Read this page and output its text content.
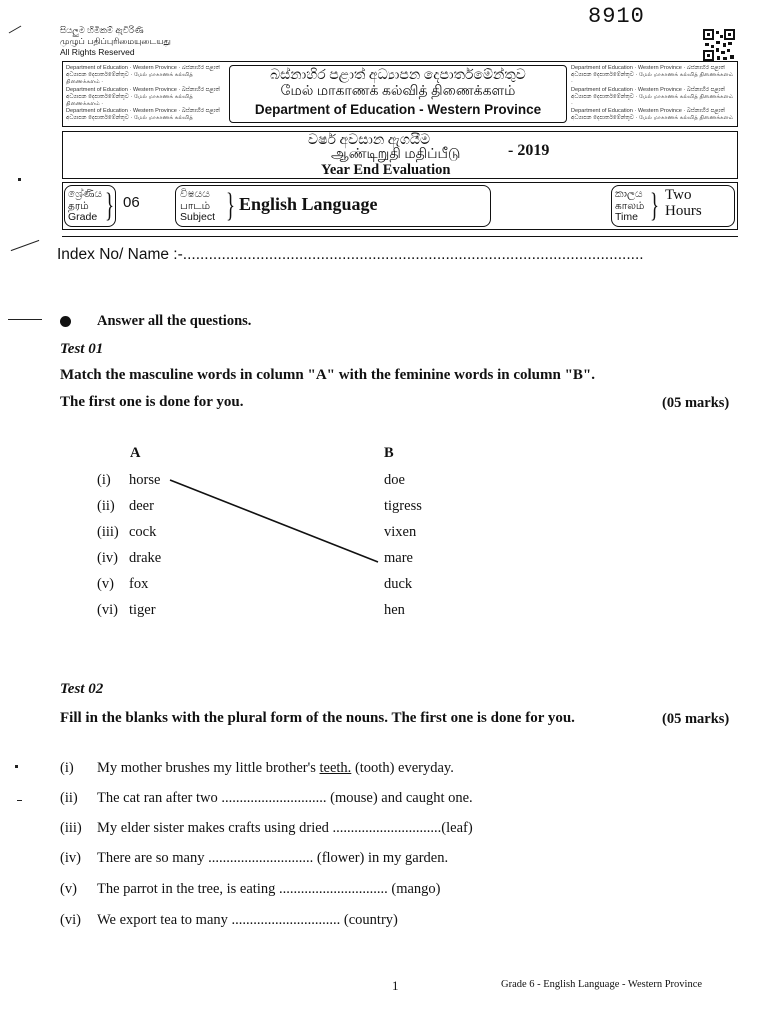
8910
සියලුම හිමිකම් ඇවිරිණි
முழுப் பதிப்புரிமையுடையது
All Rights Reserved
Department of Education · Western Province · බස්නාහිර පළාත් අධ්‍යාපන දෙපාර්තමේන්තුව · மேல் மாகாணக் கல்வித் திணைக்களம் ·
Department of Education · Western Province · බස්නාහිර පළාත් අධ්‍යාපන දෙපාර්තමේන්තුව · மேல் மாகாணக் கல்வித் திணைக்களம் ·
Department of Education · Western Province · බස්නාහිර පළාත් අධ්‍යාපන දෙපාර්තමේන්තුව · மேல் மாகாணக் கல்வித்
බස්නාහිර පළාත් අධ්‍යාපන දෙපාර්තමේන්තුව
மேல் மாகாணக் கல்வித் திணைக்களம்
Department of Education - Western Province
Department of Education · Western Province · බස්නාහිර පළාත් අධ්‍යාපන දෙපාර්තමේන්තුව · மேல் மாகாணக் கல்வித் திணைக்களம் ·
Department of Education · Western Province · බස්නාහිර පළාත් අධ්‍යාපන දෙපාර්තමේන්තුව · மேல் மாகாணக் கல்வித் திணைக்களம் ·
Department of Education · Western Province · බස්නාහිර පළාත් අධ්‍යාපන දෙපාර්තමේන්තුව · மேல் மாகாணக் கல்வித் திணைக்களம்
වර්ෂ අවසාන ඇගයීම
ஆண்டிறுதி மதிப்பீடு
Year End Evaluation
- 2019
ශ්‍රේණිය
தரம்
Grade } 06	විෂයය
பாடம்
Subject } English Language	කාලය
காலம்
Time } Two
Hours
Index No/ Name :-...........................................................................................................
Answer all the questions.
Test 01
Match the masculine words in column "A" with the feminine words in column "B".
The first one is done for you.	(05 marks)
A	B
(i) horse	doe
(ii) deer	tigress
(iii) cock	vixen
(iv) drake	mare
(v) fox	duck
(vi) tiger	hen
Test 02
Fill in the blanks with the plural form of the nouns. The first one is done for you.	(05 marks)
(i) My mother brushes my little brother's teeth. (tooth) everyday.
(ii) The cat ran after two ............................. (mouse) and caught one.
(iii) My elder sister makes crafts using dried ..............................(leaf)
(iv) There are so many ............................. (flower) in my garden.
(v) The parrot in the tree, is eating .............................. (mango)
(vi) We export tea to many .............................. (country)
1	Grade 6 - English Language - Western Province
